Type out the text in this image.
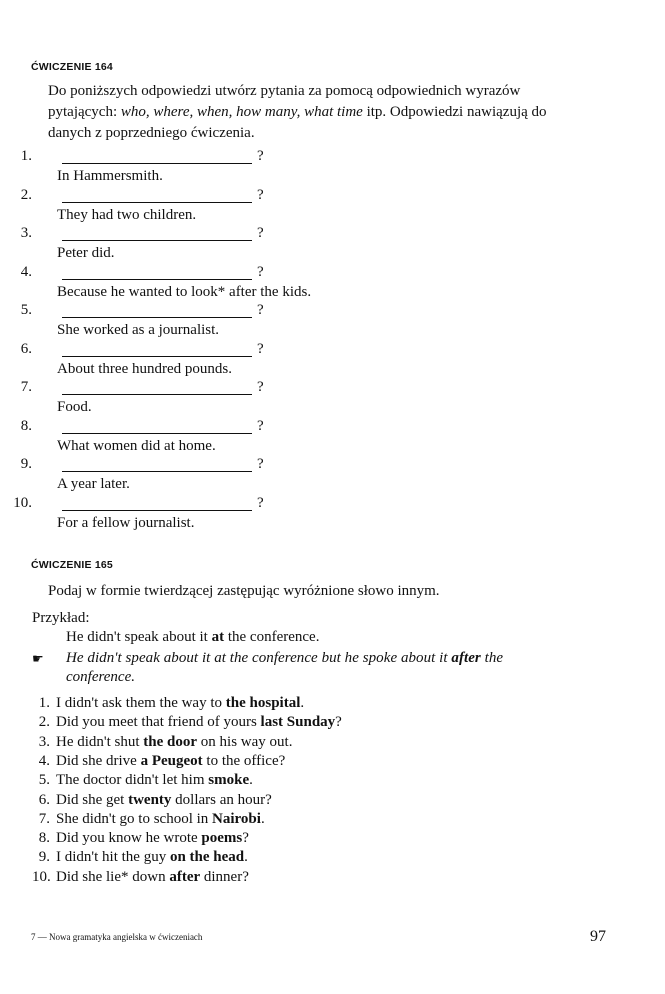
ĆWICZENIE 164
Do poniższych odpowiedzi utwórz pytania za pomocą odpowiednich wyrazów
pytających: who, where, when, how many, what time itp. Odpowiedzi nawiązują do
danych z poprzedniego ćwiczenia.
1.	?
In Hammersmith.
2.	?
They had two children.
3.	?
Peter did.
4.	?
Because he wanted to look* after the kids.
5.	?
She worked as a journalist.
6.	?
About three hundred pounds.
7.	?
Food.
8.	?
What women did at home.
9.	?
A year later.
10.	?
For a fellow journalist.
ĆWICZENIE 165
Podaj w formie twierdzącej zastępując wyróżnione słowo innym.
Przykład:
He didn't speak about it at the conference.
☛ He didn't speak about it at the conference but he spoke about it after the
conference.
1. I didn't ask them the way to the hospital.
2. Did you meet that friend of yours last Sunday?
3. He didn't shut the door on his way out.
4. Did she drive a Peugeot to the office?
5. The doctor didn't let him smoke.
6. Did she get twenty dollars an hour?
7. She didn't go to school in Nairobi.
8. Did you know he wrote poems?
9. I didn't hit the guy on the head.
10. Did she lie* down after dinner?
7 — Nowa gramatyka angielska w ćwiczeniach	97
